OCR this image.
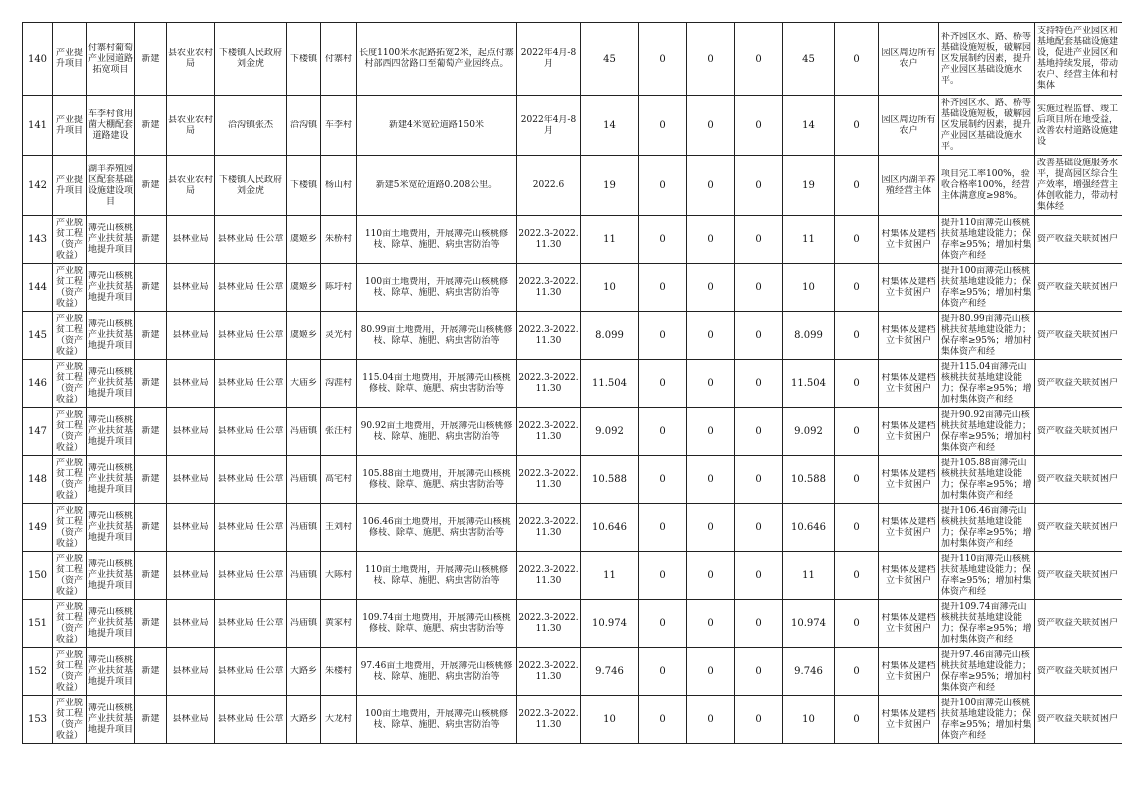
140	产业提升项目	付寨村葡萄产业园道路拓宽项目	新建	县农业农村局	下楼镇人民政府 刘金虎	下楼镇	付寨村	长度1100米水泥路拓宽2米，起点付寨村部西四岔路口至葡萄产业园终点。	2022年4月-8月	45	0	0	0	45	0	园区周边所有农户	补齐园区水、路、桥等基础设施短板，破解园区发展制约因素，提升产业园区基础设施水平。	支持特色产业园区和基地配套基础设施建设，促进产业园区和基地持续发展，带动农户、经营主体和村集体

141	产业提升项目	车李村食用菌大棚配套道路建设	新建	县农业农村局	洽沟镇张杰	洽沟镇	车李村	新建4米宽砼道路150米	2022年4月-8月	14	0	0	0	14	0	园区周边所有农户	补齐园区水、路、桥等基础设施短板，破解园区发展制约因素，提升产业园区基础设施水平。	实施过程监督、竣工后项目所在地受益，改善农村道路设施建设

142	产业提升项目	湖羊养殖园区配套基础设施建设项目	新建	县农业农村局	下楼镇人民政府 刘金虎	下楼镇	杨山村	新建5米宽砼道路0.208公里。	2022.6	19	0	0	0	19	0	园区内湖羊养殖经营主体	项目完工率100%，验收合格率100%，经营主体满意度≥98%。	改善基础设施服务水平，提高园区综合生产效率，增强经营主体创收能力，带动村集体经

143	产业脱贫工程（资产收益）	薄壳山核桃产业扶贫基地提升项目	新建	县林业局	县林业局 任公章	虞姬乡	朱桥村	110亩土地费用，开展薄壳山核桃修枝、除草、施肥、病虫害防治等	2022.3-2022.11.30	11	0	0	0	11	0	村集体及建档立卡贫困户	提升110亩薄壳山核桃扶贫基地建设能力；保存率≥95%；增加村集体资产和经	资产收益关联贫困户

144	产业脱贫工程（资产收益）	薄壳山核桃产业扶贫基地提升项目	新建	县林业局	县林业局 任公章	虞姬乡	陈圩村	100亩土地费用，开展薄壳山核桃修枝、除草、施肥、病虫害防治等	2022.3-2022.11.30	10	0	0	0	10	0	村集体及建档立卡贫困户	提升100亩薄壳山核桃扶贫基地建设能力；保存率≥95%；增加村集体资产和经	资产收益关联贫困户

145	产业脱贫工程（资产收益）	薄壳山核桃产业扶贫基地提升项目	新建	县林业局	县林业局 任公章	虞姬乡	灵光村	80.99亩土地费用，开展薄壳山核桃修枝、除草、施肥、病虫害防治等	2022.3-2022.11.30	8.099	0	0	0	8.099	0	村集体及建档立卡贫困户	提升80.99亩薄壳山核桃扶贫基地建设能力；保存率≥95%；增加村集体资产和经	资产收益关联贫困户

146	产业脱贫工程（资产收益）	薄壳山核桃产业扶贫基地提升项目	新建	县林业局	县林业局 任公章	大庙乡	沟涯村	115.04亩土地费用，开展薄壳山核桃修枝、除草、施肥、病虫害防治等	2022.3-2022.11.30	11.504	0	0	0	11.504	0	村集体及建档立卡贫困户	提升115.04亩薄壳山核桃扶贫基地建设能力；保存率≥95%；增加村集体资产和经	资产收益关联贫困户

147	产业脱贫工程（资产收益）	薄壳山核桃产业扶贫基地提升项目	新建	县林业局	县林业局 任公章	冯庙镇	张汪村	90.92亩土地费用，开展薄壳山核桃修枝、除草、施肥、病虫害防治等	2022.3-2022.11.30	9.092	0	0	0	9.092	0	村集体及建档立卡贫困户	提升90.92亩薄壳山核桃扶贫基地建设能力；保存率≥95%；增加村集体资产和经	资产收益关联贫困户

148	产业脱贫工程（资产收益）	薄壳山核桃产业扶贫基地提升项目	新建	县林业局	县林业局 任公章	冯庙镇	高宅村	105.88亩土地费用，开展薄壳山核桃修枝、除草、施肥、病虫害防治等	2022.3-2022.11.30	10.588	0	0	0	10.588	0	村集体及建档立卡贫困户	提升105.88亩薄壳山核桃扶贫基地建设能力；保存率≥95%；增加村集体资产和经	资产收益关联贫困户

149	产业脱贫工程（资产收益）	薄壳山核桃产业扶贫基地提升项目	新建	县林业局	县林业局 任公章	冯庙镇	王刘村	106.46亩土地费用，开展薄壳山核桃修枝、除草、施肥、病虫害防治等	2022.3-2022.11.30	10.646	0	0	0	10.646	0	村集体及建档立卡贫困户	提升106.46亩薄壳山核桃扶贫基地建设能力；保存率≥95%；增加村集体资产和经	资产收益关联贫困户

150	产业脱贫工程（资产收益）	薄壳山核桃产业扶贫基地提升项目	新建	县林业局	县林业局 任公章	冯庙镇	大陈村	110亩土地费用，开展薄壳山核桃修枝、除草、施肥、病虫害防治等	2022.3-2022.11.30	11	0	0	0	11	0	村集体及建档立卡贫困户	提升110亩薄壳山核桃扶贫基地建设能力；保存率≥95%；增加村集体资产和经	资产收益关联贫困户

151	产业脱贫工程（资产收益）	薄壳山核桃产业扶贫基地提升项目	新建	县林业局	县林业局 任公章	冯庙镇	黄家村	109.74亩土地费用，开展薄壳山核桃修枝、除草、施肥、病虫害防治等	2022.3-2022.11.30	10.974	0	0	0	10.974	0	村集体及建档立卡贫困户	提升109.74亩薄壳山核桃扶贫基地建设能力；保存率≥95%；增加村集体资产和经	资产收益关联贫困户

152	产业脱贫工程（资产收益）	薄壳山核桃产业扶贫基地提升项目	新建	县林业局	县林业局 任公章	大路乡	朱楼村	97.46亩土地费用，开展薄壳山核桃修枝、除草、施肥、病虫害防治等	2022.3-2022.11.30	9.746	0	0	0	9.746	0	村集体及建档立卡贫困户	提升97.46亩薄壳山核桃扶贫基地建设能力；保存率≥95%；增加村集体资产和经	资产收益关联贫困户

153	产业脱贫工程（资产收益）	薄壳山核桃产业扶贫基地提升项目	新建	县林业局	县林业局 任公章	大路乡	大龙村	100亩土地费用，开展薄壳山核桃修枝、除草、施肥、病虫害防治等	2022.3-2022.11.30	10	0	0	0	10	0	村集体及建档立卡贫困户	提升100亩薄壳山核桃扶贫基地建设能力；保存率≥95%；增加村集体资产和经	资产收益关联贫困户
